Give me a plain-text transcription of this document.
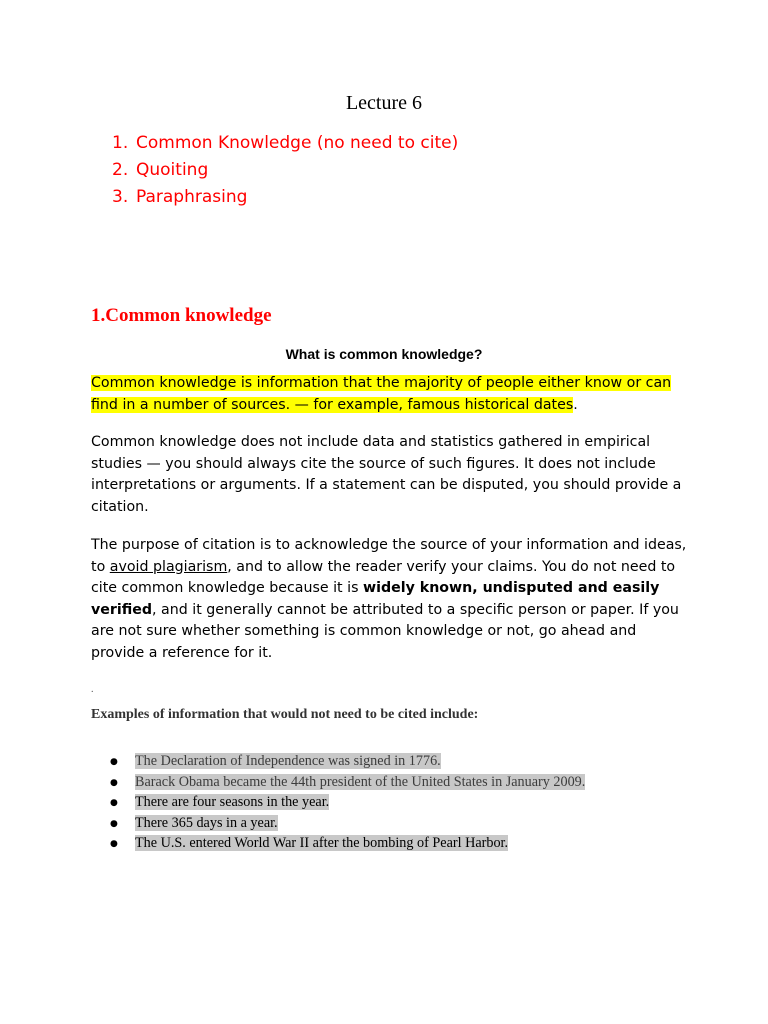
Lecture 6
1. Common Knowledge (no need to cite)
2. Quoiting
3. Paraphrasing
1.Common knowledge
What is common knowledge?
Common knowledge is information that the majority of people either know or can find in a number of sources. — for example, famous historical dates.
Common knowledge does not include data and statistics gathered in empirical studies — you should always cite the source of such figures. It does not include interpretations or arguments. If a statement can be disputed, you should provide a citation.
The purpose of citation is to acknowledge the source of your information and ideas, to avoid plagiarism, and to allow the reader verify your claims. You do not need to cite common knowledge because it is widely known, undisputed and easily verified, and it generally cannot be attributed to a specific person or paper. If you are not sure whether something is common knowledge or not, go ahead and provide a reference for it.
.
Examples of information that would not need to be cited include:
● The Declaration of Independence was signed in 1776.
● Barack Obama became the 44th president of the United States in January 2009.
● There are four seasons in the year.
● There 365 days in a year.
● The U.S. entered World War II after the bombing of Pearl Harbor.
